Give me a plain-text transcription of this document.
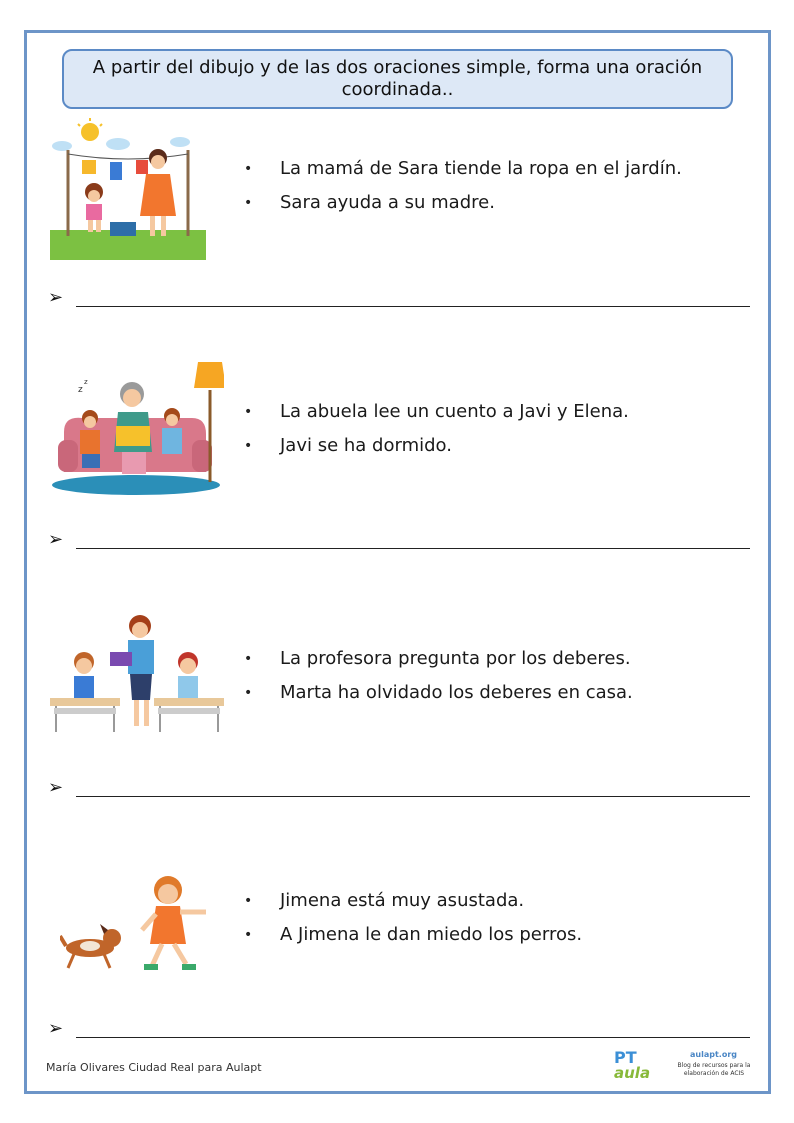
A partir del dibujo y de las dos oraciones simple, forma una oración coordinada..
• La mamá de Sara tiende la ropa en el jardín.
• Sara ayuda a su madre.
➢
z
z
• La abuela lee un cuento a Javi y Elena.
• Javi se ha dormido.
➢
• La profesora pregunta por los deberes.
• Marta ha olvidado los deberes en casa.
➢
• Jimena está muy asustada.
• A Jimena le dan miedo los perros.
➢
María Olivares Ciudad Real para Aulapt
PT
aula
aulapt.org
Blog de recursos para la elaboración de ACIS
